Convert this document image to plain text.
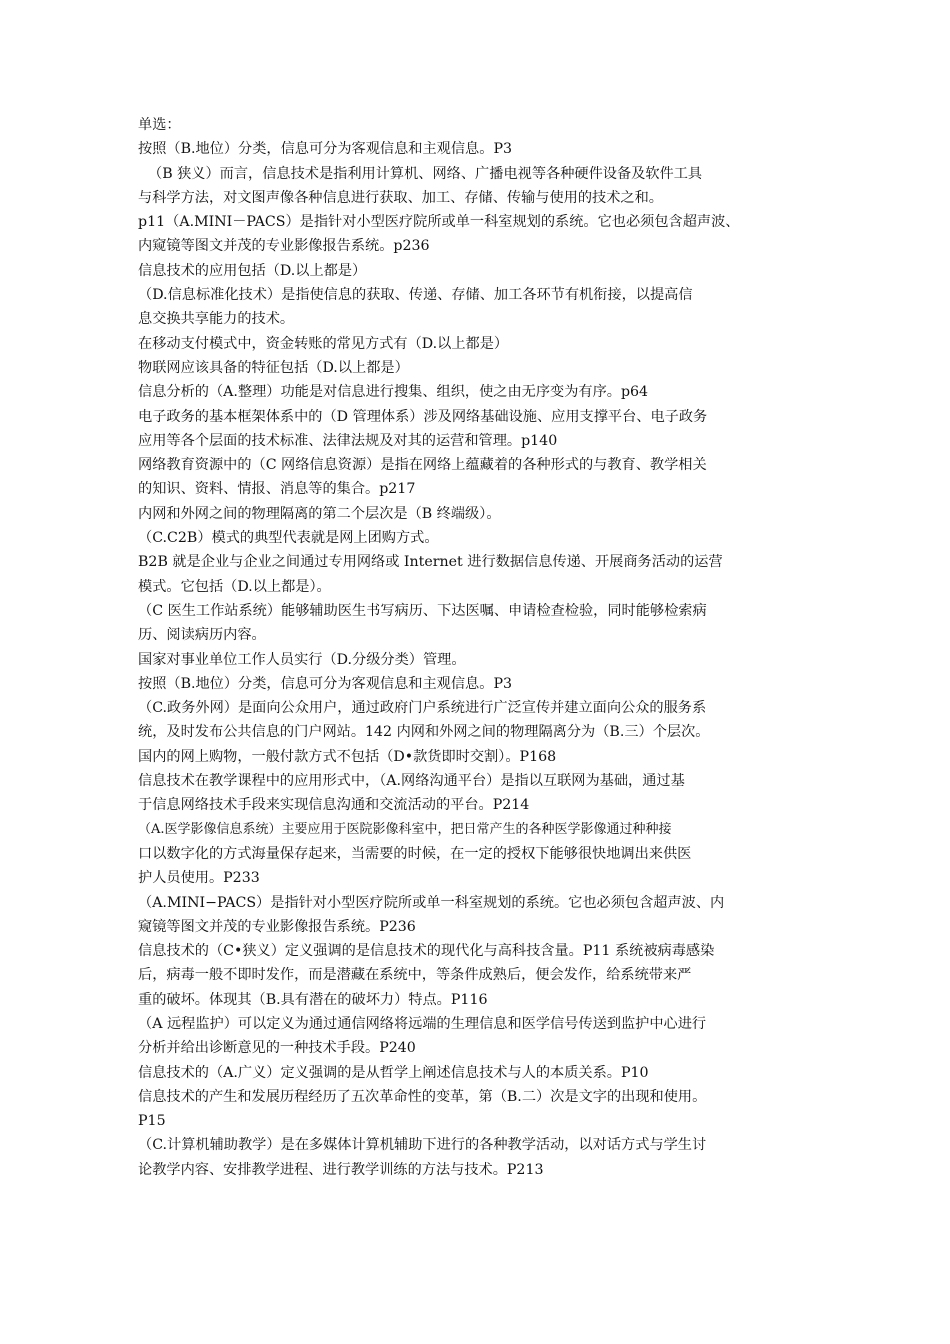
单选：
按照（B.地位）分类，信息可分为客观信息和主观信息。P3
（B 狭义）而言，信息技术是指利用计算机、网络、广播电视等各种硬件设备及软件工具
与科学方法，对文图声像各种信息进行获取、加工、存储、传输与使用的技术之和。
p11（A.MINI－PACS）是指针对小型医疗院所或单一科室规划的系统。它也必须包含超声波、
内窥镜等图文并茂的专业影像报告系统。p236
信息技术的应用包括（D.以上都是）
（D.信息标准化技术）是指使信息的获取、传递、存储、加工各环节有机衔接，以提高信
息交换共享能力的技术。
在移动支付模式中，资金转账的常见方式有（D.以上都是）
物联网应该具备的特征包括（D.以上都是）
信息分析的（A.整理）功能是对信息进行搜集、组织，使之由无序变为有序。p64
电子政务的基本框架体系中的（D 管理体系）涉及网络基础设施、应用支撑平台、电子政务
应用等各个层面的技术标准、法律法规及对其的运营和管理。p140
网络教育资源中的（C 网络信息资源）是指在网络上蕴藏着的各种形式的与教育、教学相关
的知识、资料、情报、消息等的集合。p217
内网和外网之间的物理隔离的第二个层次是（B 终端级）。
（C.C2B）模式的典型代表就是网上团购方式。
B2B 就是企业与企业之间通过专用网络或 Internet 进行数据信息传递、开展商务活动的运营
模式。它包括（D.以上都是）。
（C 医生工作站系统）能够辅助医生书写病历、下达医嘱、申请检查检验，同时能够检索病
历、阅读病历内容。
国家对事业单位工作人员实行（D.分级分类）管理。
按照（B.地位）分类，信息可分为客观信息和主观信息。P3
（C.政务外网）是面向公众用户，通过政府门户系统进行广泛宣传并建立面向公众的服务系
统，及时发布公共信息的门户网站。142 内网和外网之间的物理隔离分为（B.三）个层次。
国内的网上购物，一般付款方式不包括（D•款货即时交割）。P168
信息技术在教学课程中的应用形式中，（A.网络沟通平台）是指以互联网为基础，通过基
于信息网络技术手段来实现信息沟通和交流活动的平台。P214
（A.医学影像信息系统）主要应用于医院影像科室中，把日常产生的各种医学影像通过种种接
口以数字化的方式海量保存起来，当需要的时候，在一定的授权下能够很快地调出来供医
护人员使用。P233
（A.MINI−PACS）是指针对小型医疗院所或单一科室规划的系统。它也必须包含超声波、内
窥镜等图文并茂的专业影像报告系统。P236
信息技术的（C•狭义）定义强调的是信息技术的现代化与高科技含量。P11 系统被病毒感染
后，病毒一般不即时发作，而是潜藏在系统中，等条件成熟后，便会发作，给系统带来严
重的破坏。体现其（B.具有潜在的破坏力）特点。P116
（A 远程监护）可以定义为通过通信网络将远端的生理信息和医学信号传送到监护中心进行
分析并给出诊断意见的一种技术手段。P240
信息技术的（A.广义）定义强调的是从哲学上阐述信息技术与人的本质关系。P10
信息技术的产生和发展历程经历了五次革命性的变革，第（B.二）次是文字的出现和使用。
P15
（C.计算机辅助教学）是在多媒体计算机辅助下进行的各种教学活动，以对话方式与学生讨
论教学内容、安排教学进程、进行教学训练的方法与技术。P213
